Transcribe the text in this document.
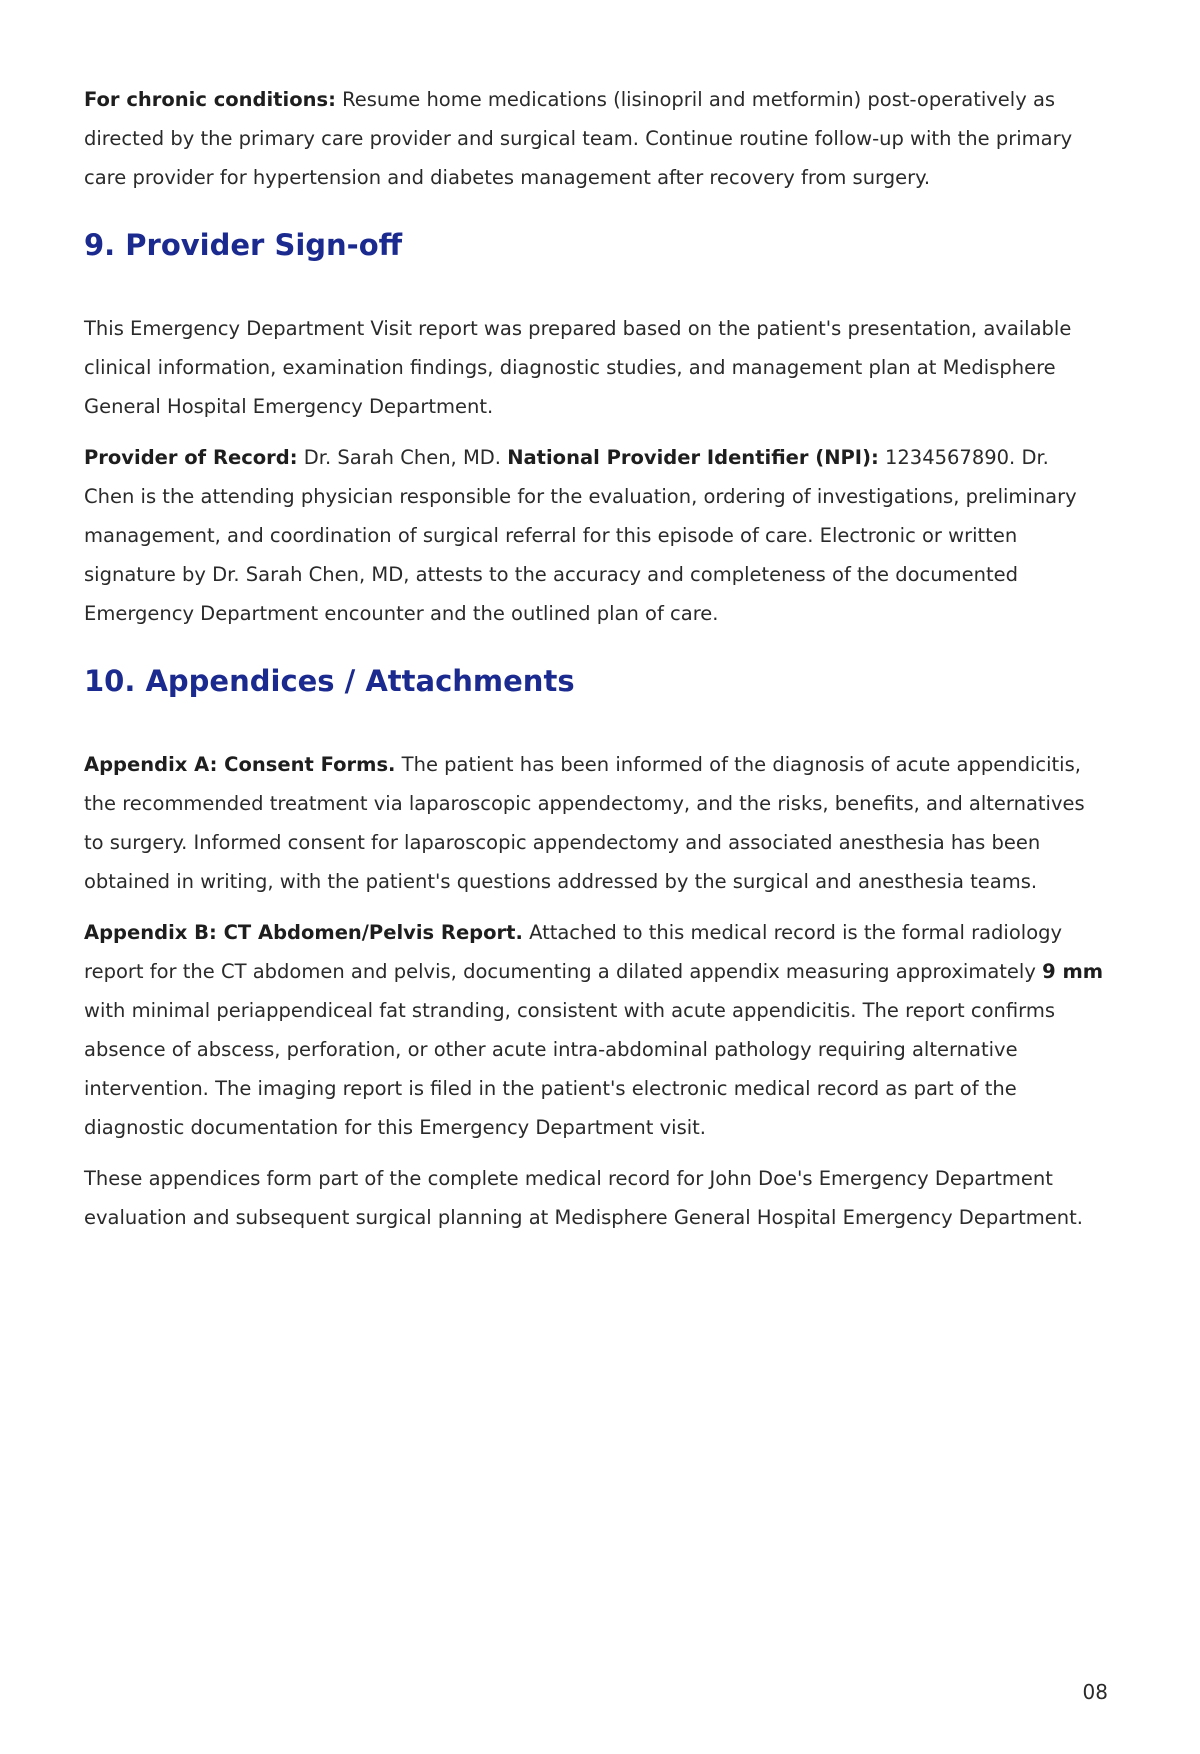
For chronic conditions: Resume home medications (lisinopril and metformin) post-operatively as directed by the primary care provider and surgical team. Continue routine follow-up with the primary care provider for hypertension and diabetes management after recovery from surgery.

9. Provider Sign-off

This Emergency Department Visit report was prepared based on the patient's presentation, available clinical information, examination findings, diagnostic studies, and management plan at Medisphere General Hospital Emergency Department.

Provider of Record: Dr. Sarah Chen, MD. National Provider Identifier (NPI): 1234567890. Dr. Chen is the attending physician responsible for the evaluation, ordering of investigations, preliminary management, and coordination of surgical referral for this episode of care. Electronic or written signature by Dr. Sarah Chen, MD, attests to the accuracy and completeness of the documented Emergency Department encounter and the outlined plan of care.

10. Appendices / Attachments

Appendix A: Consent Forms. The patient has been informed of the diagnosis of acute appendicitis, the recommended treatment via laparoscopic appendectomy, and the risks, benefits, and alternatives to surgery. Informed consent for laparoscopic appendectomy and associated anesthesia has been obtained in writing, with the patient's questions addressed by the surgical and anesthesia teams.

Appendix B: CT Abdomen/Pelvis Report. Attached to this medical record is the formal radiology report for the CT abdomen and pelvis, documenting a dilated appendix measuring approximately 9 mm with minimal periappendiceal fat stranding, consistent with acute appendicitis. The report confirms absence of abscess, perforation, or other acute intra-abdominal pathology requiring alternative intervention. The imaging report is filed in the patient's electronic medical record as part of the diagnostic documentation for this Emergency Department visit.

These appendices form part of the complete medical record for John Doe's Emergency Department evaluation and subsequent surgical planning at Medisphere General Hospital Emergency Department.

08
